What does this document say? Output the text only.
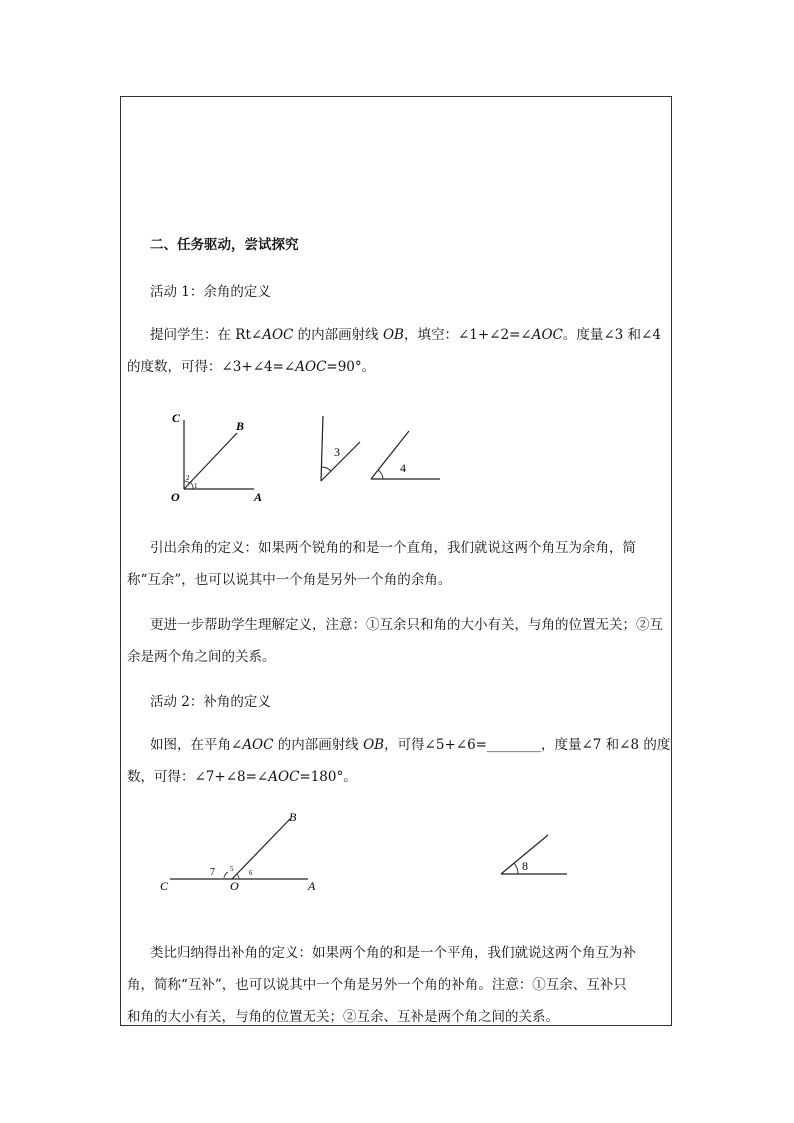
二、任务驱动，尝试探究
活动 1：余角的定义
提问学生：在 Rt∠AOC 的内部画射线 OB，填空：∠1+∠2=∠AOC。度量∠3 和∠4
的度数，可得：∠3+∠4=∠AOC=90°。
C
B
O	A
2
1
3
4
引出余角的定义：如果两个锐角的和是一个直角，我们就说这两个角互为余角，简
称“互余”，也可以说其中一个角是另外一个角的余角。
更进一步帮助学生理解定义，注意：①互余只和角的大小有关，与角的位置无关；②互
余是两个角之间的关系。
活动 2：补角的定义
如图，在平角∠AOC 的内部画射线 OB，可得∠5+∠6=________，度量∠7 和∠8 的度
数，可得：∠7+∠8=∠AOC=180°。
B
C	O	A
5 6
7	8
类比归纳得出补角的定义：如果两个角的和是一个平角，我们就说这两个角互为补
角，简称“互补”，也可以说其中一个角是另外一个角的补角。注意：①互余、互补只
和角的大小有关，与角的位置无关；②互余、互补是两个角之间的关系。
